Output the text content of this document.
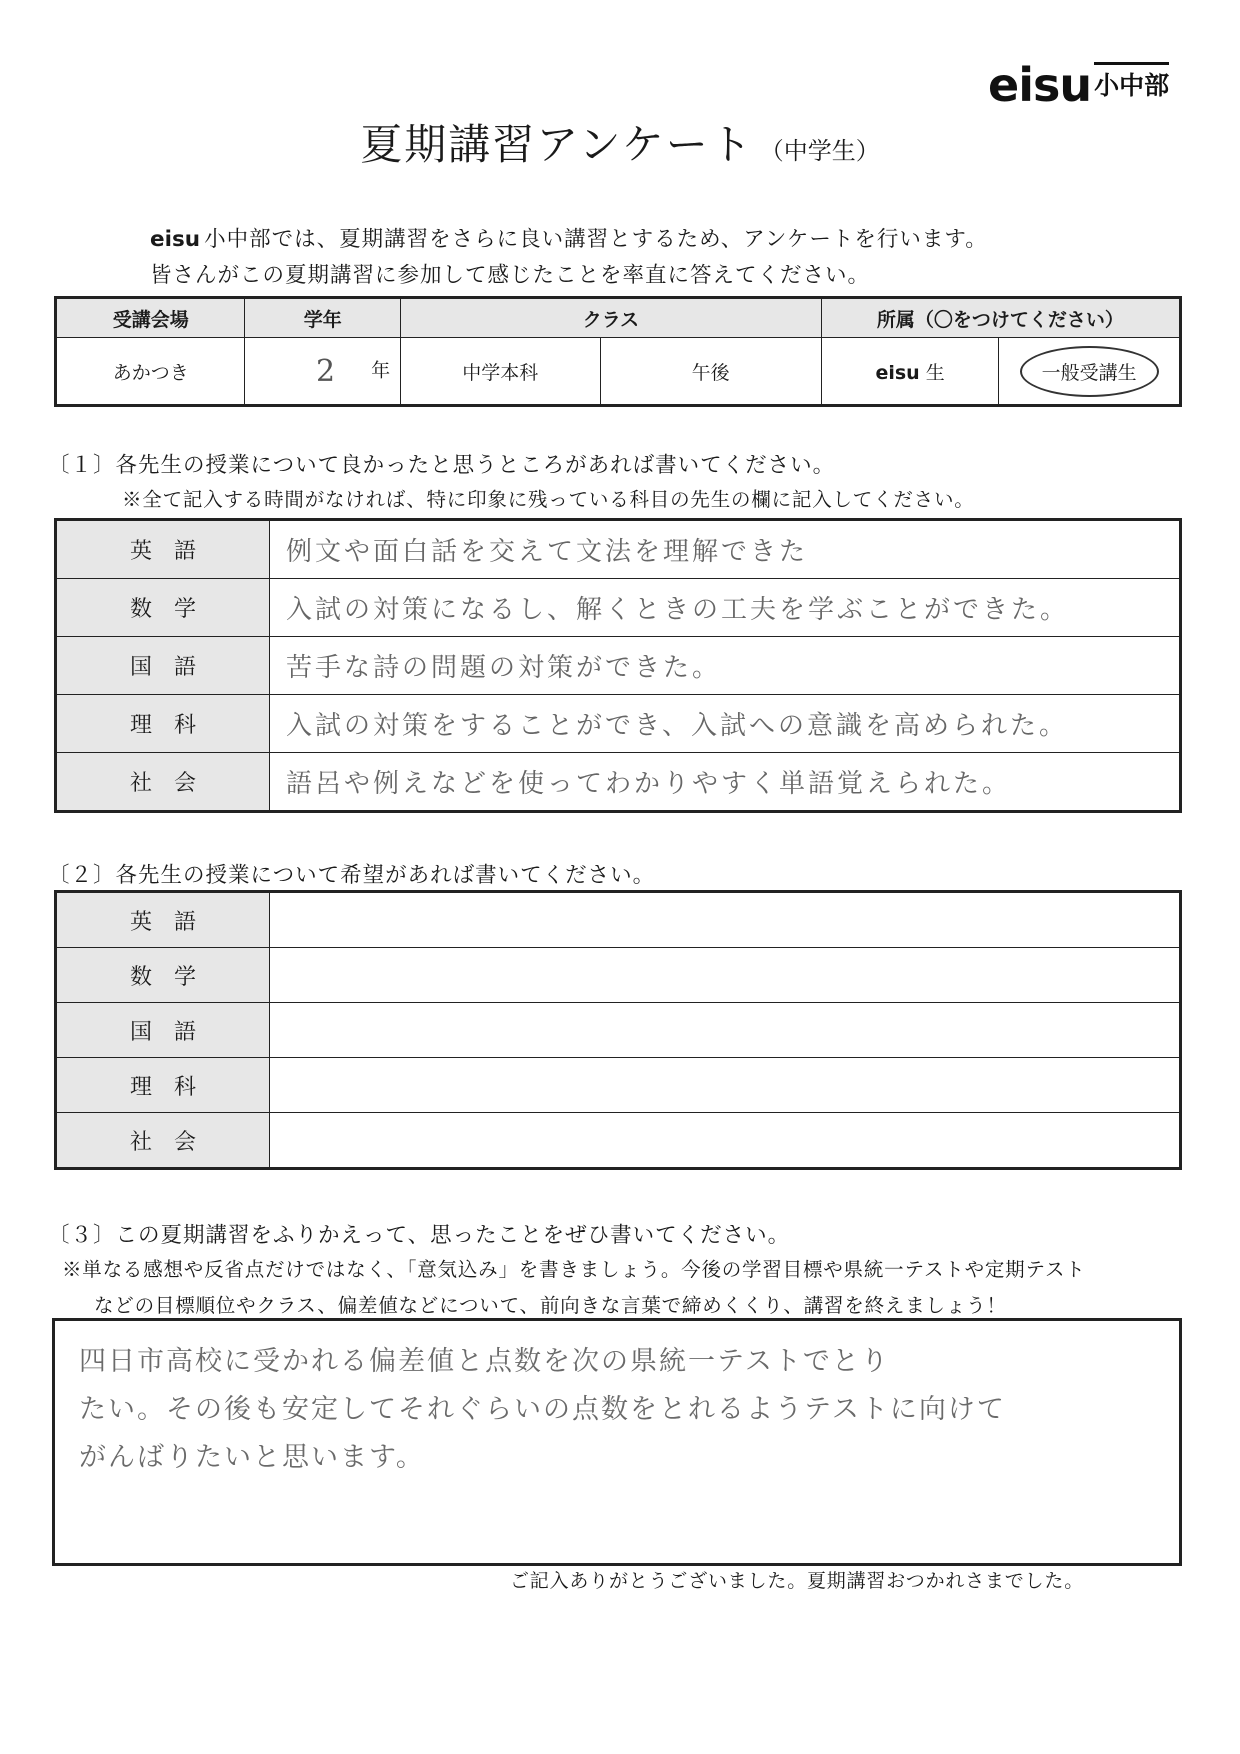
eisu 小中部
夏期講習アンケート （中学生）
eisu 小中部では、夏期講習をさらに良い講習とするため、アンケートを行います。
皆さんがこの夏期講習に参加して感じたことを率直に答えてください。
受講会場	学年	クラス		所属（〇をつけてください）	
あかつき	2 年	中学本科	午後	eisu 生	一般受講生
〔１〕各先生の授業について良かったと思うところがあれば書いてください。
※全て記入する時間がなければ、特に印象に残っている科目の先生の欄に記入してください。
英語	例文や面白話を交えて文法を理解できた
数学	入試の対策になるし、解くときの工夫を学ぶことができた。
国語	苦手な詩の問題の対策ができた。
理科	入試の対策をすることができ、入試への意識を高められた。
社会	語呂や例えなどを使ってわかりやすく単語覚えられた。
〔２〕各先生の授業について希望があれば書いてください。
英語	
数学	
国語	
理科	
社会	
〔３〕この夏期講習をふりかえって、思ったことをぜひ書いてください。
※単なる感想や反省点だけではなく、「意気込み」を書きましょう。今後の学習目標や県統一テストや定期テスト
などの目標順位やクラス、偏差値などについて、前向きな言葉で締めくくり、講習を終えましょう！
四日市高校に受かれる偏差値と点数を次の県統一テストでとり
たい。その後も安定してそれぐらいの点数をとれるようテストに向けて
がんばりたいと思います。
ご記入ありがとうございました。夏期講習おつかれさまでした。
